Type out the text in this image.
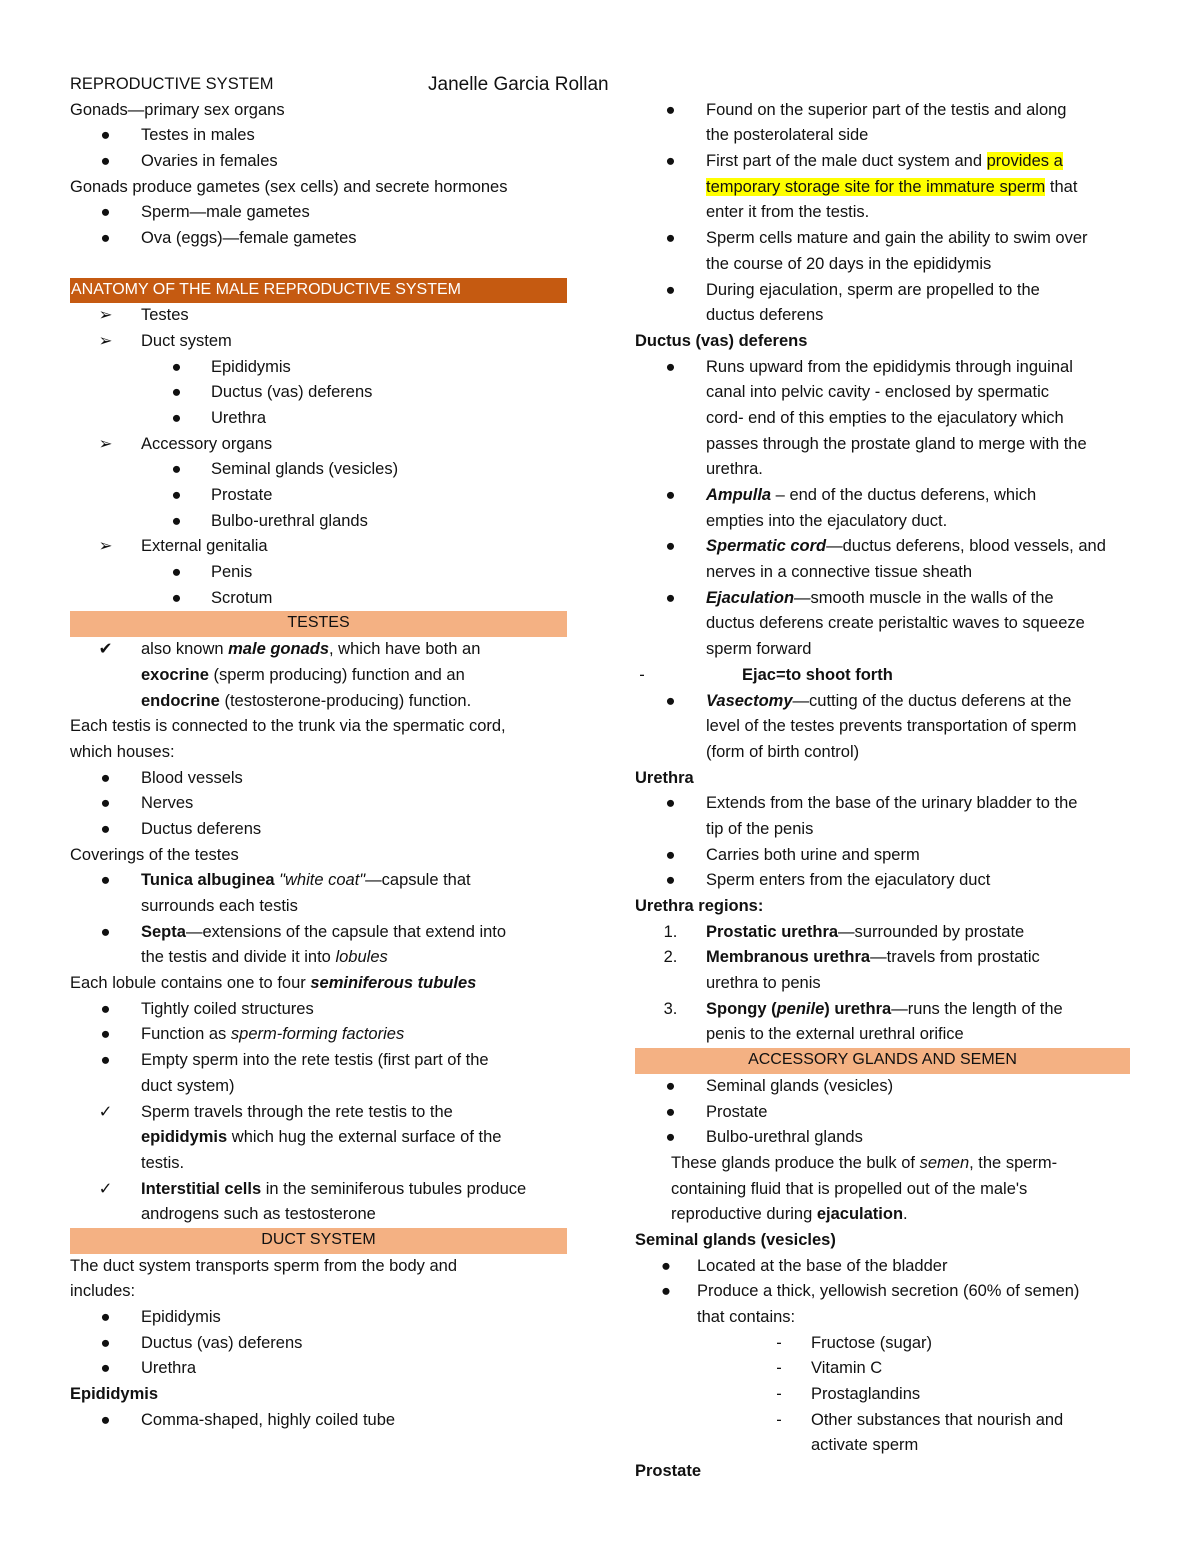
Janelle Garcia Rollan
REPRODUCTIVE SYSTEM
Gonads—primary sex organs
●	Testes in males
●	Ovaries in females
Gonads produce gametes (sex cells) and secrete hormones
●	Sperm—male gametes
●	Ova (eggs)—female gametes
ANATOMY OF THE MALE REPRODUCTIVE SYSTEM
➢	Testes
➢	Duct system
●	Epididymis
●	Ductus (vas) deferens
●	Urethra
➢	Accessory organs
●	Seminal glands (vesicles)
●	Prostate
●	Bulbo-urethral glands
➢	External genitalia
●	Penis
●	Scrotum
TESTES
✔	also known male gonads, which have both an
exocrine (sperm producing) function and an
endocrine (testosterone-producing) function.
Each testis is connected to the trunk via the spermatic cord,
which houses:
●	Blood vessels
●	Nerves
●	Ductus deferens
Coverings of the testes
●	Tunica albuginea "white coat"—capsule that
surrounds each testis
●	Septa—extensions of the capsule that extend into
the testis and divide it into lobules
Each lobule contains one to four seminiferous tubules
●	Tightly coiled structures
●	Function as sperm-forming factories
●	Empty sperm into the rete testis (first part of the
duct system)
✓	Sperm travels through the rete testis to the
epididymis which hug the external surface of the
testis.
✓	Interstitial cells in the seminiferous tubules produce
androgens such as testosterone
DUCT SYSTEM
The duct system transports sperm from the body and
includes:
●	Epididymis
●	Ductus (vas) deferens
●	Urethra
Epididymis
●	Comma-shaped, highly coiled tube
●	Found on the superior part of the testis and along
the posterolateral side
●	First part of the male duct system and provides a
temporary storage site for the immature sperm that
enter it from the testis.
●	Sperm cells mature and gain the ability to swim over
the course of 20 days in the epididymis
●	During ejaculation, sperm are propelled to the
ductus deferens
Ductus (vas) deferens
●	Runs upward from the epididymis through inguinal
canal into pelvic cavity - enclosed by spermatic
cord- end of this empties to the ejaculatory which
passes through the prostate gland to merge with the
urethra.
●	Ampulla – end of the ductus deferens, which
empties into the ejaculatory duct.
●	Spermatic cord—ductus deferens, blood vessels, and
nerves in a connective tissue sheath
●	Ejaculation—smooth muscle in the walls of the
ductus deferens create peristaltic waves to squeeze
sperm forward
-	Ejac=to shoot forth
●	Vasectomy—cutting of the ductus deferens at the
level of the testes prevents transportation of sperm
(form of birth control)
Urethra
●	Extends from the base of the urinary bladder to the
tip of the penis
●	Carries both urine and sperm
●	Sperm enters from the ejaculatory duct
Urethra regions:
1.	Prostatic urethra—surrounded by prostate
2.	Membranous urethra—travels from prostatic
urethra to penis
3.	Spongy (penile) urethra—runs the length of the
penis to the external urethral orifice
ACCESSORY GLANDS AND SEMEN
●	Seminal glands (vesicles)
●	Prostate
●	Bulbo-urethral glands
These glands produce the bulk of semen, the sperm-
containing fluid that is propelled out of the male's
reproductive during ejaculation.
Seminal glands (vesicles)
●	Located at the base of the bladder
●	Produce a thick, yellowish secretion (60% of semen)
that contains:
-	Fructose (sugar)
-	Vitamin C
-	Prostaglandins
-	Other substances that nourish and
activate sperm
Prostate
